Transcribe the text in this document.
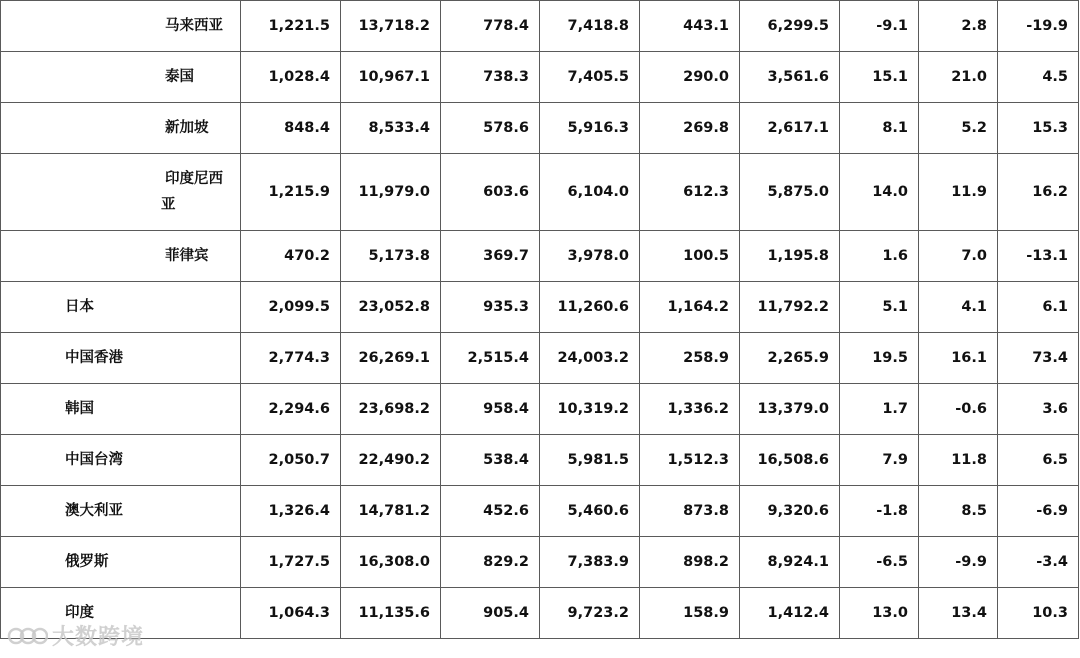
马来西亚	1,221.5	13,718.2	778.4	7,418.8	443.1	6,299.5	-9.1	2.8	-19.9

泰国	1,028.4	10,967.1	738.3	7,405.5	290.0	3,561.6	15.1	21.0	4.5

新加坡	848.4	8,533.4	578.6	5,916.3	269.8	2,617.1	8.1	5.2	15.3

印度尼西亚	1,215.9	11,979.0	603.6	6,104.0	612.3	5,875.0	14.0	11.9	16.2

菲律宾	470.2	5,173.8	369.7	3,978.0	100.5	1,195.8	1.6	7.0	-13.1

日本	2,099.5	23,052.8	935.3	11,260.6	1,164.2	11,792.2	5.1	4.1	6.1

中国香港	2,774.3	26,269.1	2,515.4	24,003.2	258.9	2,265.9	19.5	16.1	73.4

韩国	2,294.6	23,698.2	958.4	10,319.2	1,336.2	13,379.0	1.7	-0.6	3.6

中国台湾	2,050.7	22,490.2	538.4	5,981.5	1,512.3	16,508.6	7.9	11.8	6.5

澳大利亚	1,326.4	14,781.2	452.6	5,460.6	873.8	9,320.6	-1.8	8.5	-6.9

俄罗斯	1,727.5	16,308.0	829.2	7,383.9	898.2	8,924.1	-6.5	-9.9	-3.4

印度	1,064.3	11,135.6	905.4	9,723.2	158.9	1,412.4	13.0	13.4	10.3
大数跨境
